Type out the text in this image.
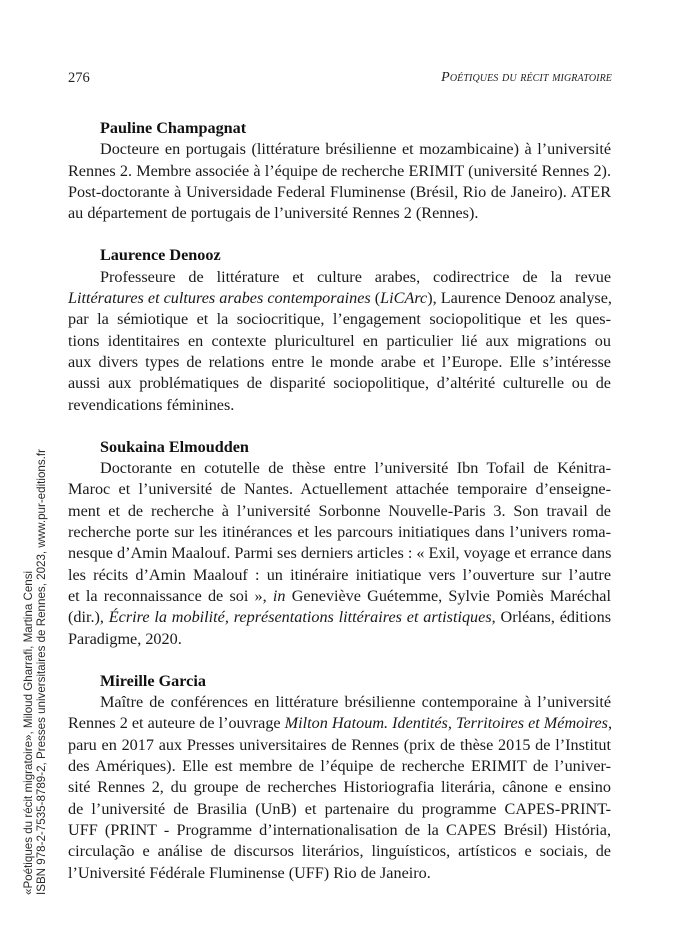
276	Poétiques du récit migratoire
Pauline Champagnat
Docteure en portugais (littérature brésilienne et mozambicaine) à l’université
Rennes 2. Membre associée à l’équipe de recherche ERIMIT (université Rennes 2).
Post-doctorante à Universidade Federal Fluminense (Brésil, Rio de Janeiro). ATER
au département de portugais de l’université Rennes 2 (Rennes).
Laurence Denooz
Professeure de littérature et culture arabes, codirectrice de la revue
Littératures et cultures arabes contemporaines (LiCArc), Laurence Denooz analyse,
par la sémiotique et la sociocritique, l’engagement sociopolitique et les ques-
tions identitaires en contexte pluriculturel en particulier lié aux migrations ou
aux divers types de relations entre le monde arabe et l’Europe. Elle s’intéresse
aussi aux problématiques de disparité sociopolitique, d’altérité culturelle ou de
revendications féminines.
Soukaina Elmoudden
Doctorante en cotutelle de thèse entre l’université Ibn Tofail de Kénitra-
Maroc et l’université de Nantes. Actuellement attachée temporaire d’enseigne-
ment et de recherche à l’université Sorbonne Nouvelle-Paris 3. Son travail de
recherche porte sur les itinérances et les parcours initiatiques dans l’univers roma-
nesque d’Amin Maalouf. Parmi ses derniers articles : « Exil, voyage et errance dans
les récits d’Amin Maalouf : un itinéraire initiatique vers l’ouverture sur l’autre
et la reconnaissance de soi », in Geneviève Guétemme, Sylvie Pomiès Maréchal
(dir.), Écrire la mobilité, représentations littéraires et artistiques, Orléans, éditions
Paradigme, 2020.
Mireille Garcia
Maître de conférences en littérature brésilienne contemporaine à l’université
Rennes 2 et auteure de l’ouvrage Milton Hatoum. Identités, Territoires et Mémoires,
paru en 2017 aux Presses universitaires de Rennes (prix de thèse 2015 de l’Institut
des Amériques). Elle est membre de l’équipe de recherche ERIMIT de l’univer-
sité Rennes 2, du groupe de recherches Historiografia literária, cânone e ensino
de l’université de Brasilia (UnB) et partenaire du programme CAPES-PRINT-
UFF (PRINT - Programme d’internationalisation de la CAPES Brésil) História,
circulação e análise de discursos literários, linguísticos, artísticos e sociais, de
l’Université Fédérale Fluminense (UFF) Rio de Janeiro.
«Poétiques du récit migratoire», Miloud Gharrafi, Martina Censi ISBN 978-2-7535-8789-2, Presses universitaires de Rennes, 2023, www.pur-editions.fr
